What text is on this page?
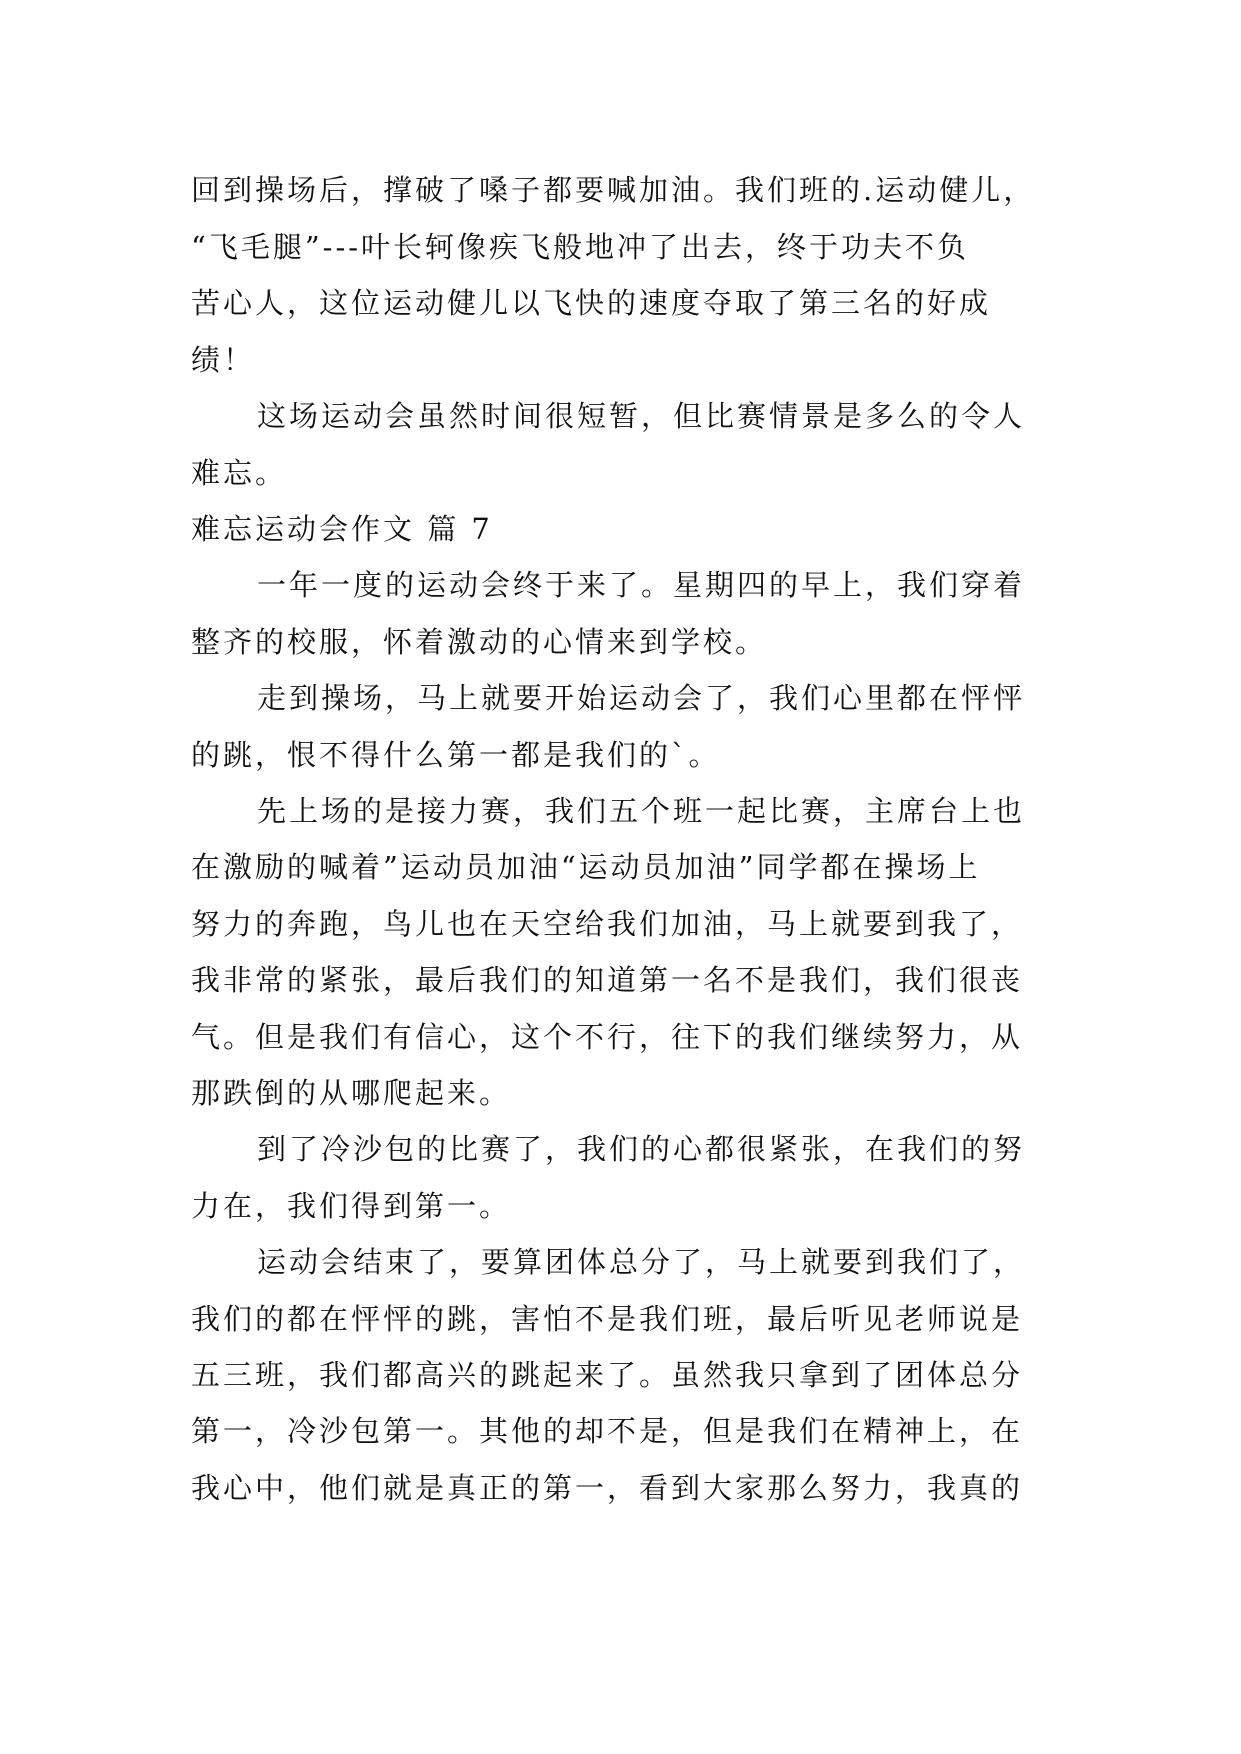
回到操场后，撑破了嗓子都要喊加油。我们班的.运动健儿，
“飞毛腿”---叶长轲像疾飞般地冲了出去，终于功夫不负
苦心人，这位运动健儿以飞快的速度夺取了第三名的好成
绩！
这场运动会虽然时间很短暂，但比赛情景是多么的令人
难忘。
难忘运动会作文 篇 7
一年一度的运动会终于来了。星期四的早上，我们穿着
整齐的校服，怀着激动的心情来到学校。
走到操场，马上就要开始运动会了，我们心里都在怦怦
的跳，恨不得什么第一都是我们的`。
先上场的是接力赛，我们五个班一起比赛，主席台上也
在激励的喊着”运动员加油“运动员加油”同学都在操场上
努力的奔跑，鸟儿也在天空给我们加油，马上就要到我了，
我非常的紧张，最后我们的知道第一名不是我们，我们很丧
气。但是我们有信心，这个不行，往下的我们继续努力，从
那跌倒的从哪爬起来。
到了冷沙包的比赛了，我们的心都很紧张，在我们的努
力在，我们得到第一。
运动会结束了，要算团体总分了，马上就要到我们了，
我们的都在怦怦的跳，害怕不是我们班，最后听见老师说是
五三班，我们都高兴的跳起来了。虽然我只拿到了团体总分
第一，冷沙包第一。其他的却不是，但是我们在精神上，在
我心中，他们就是真正的第一，看到大家那么努力，我真的
